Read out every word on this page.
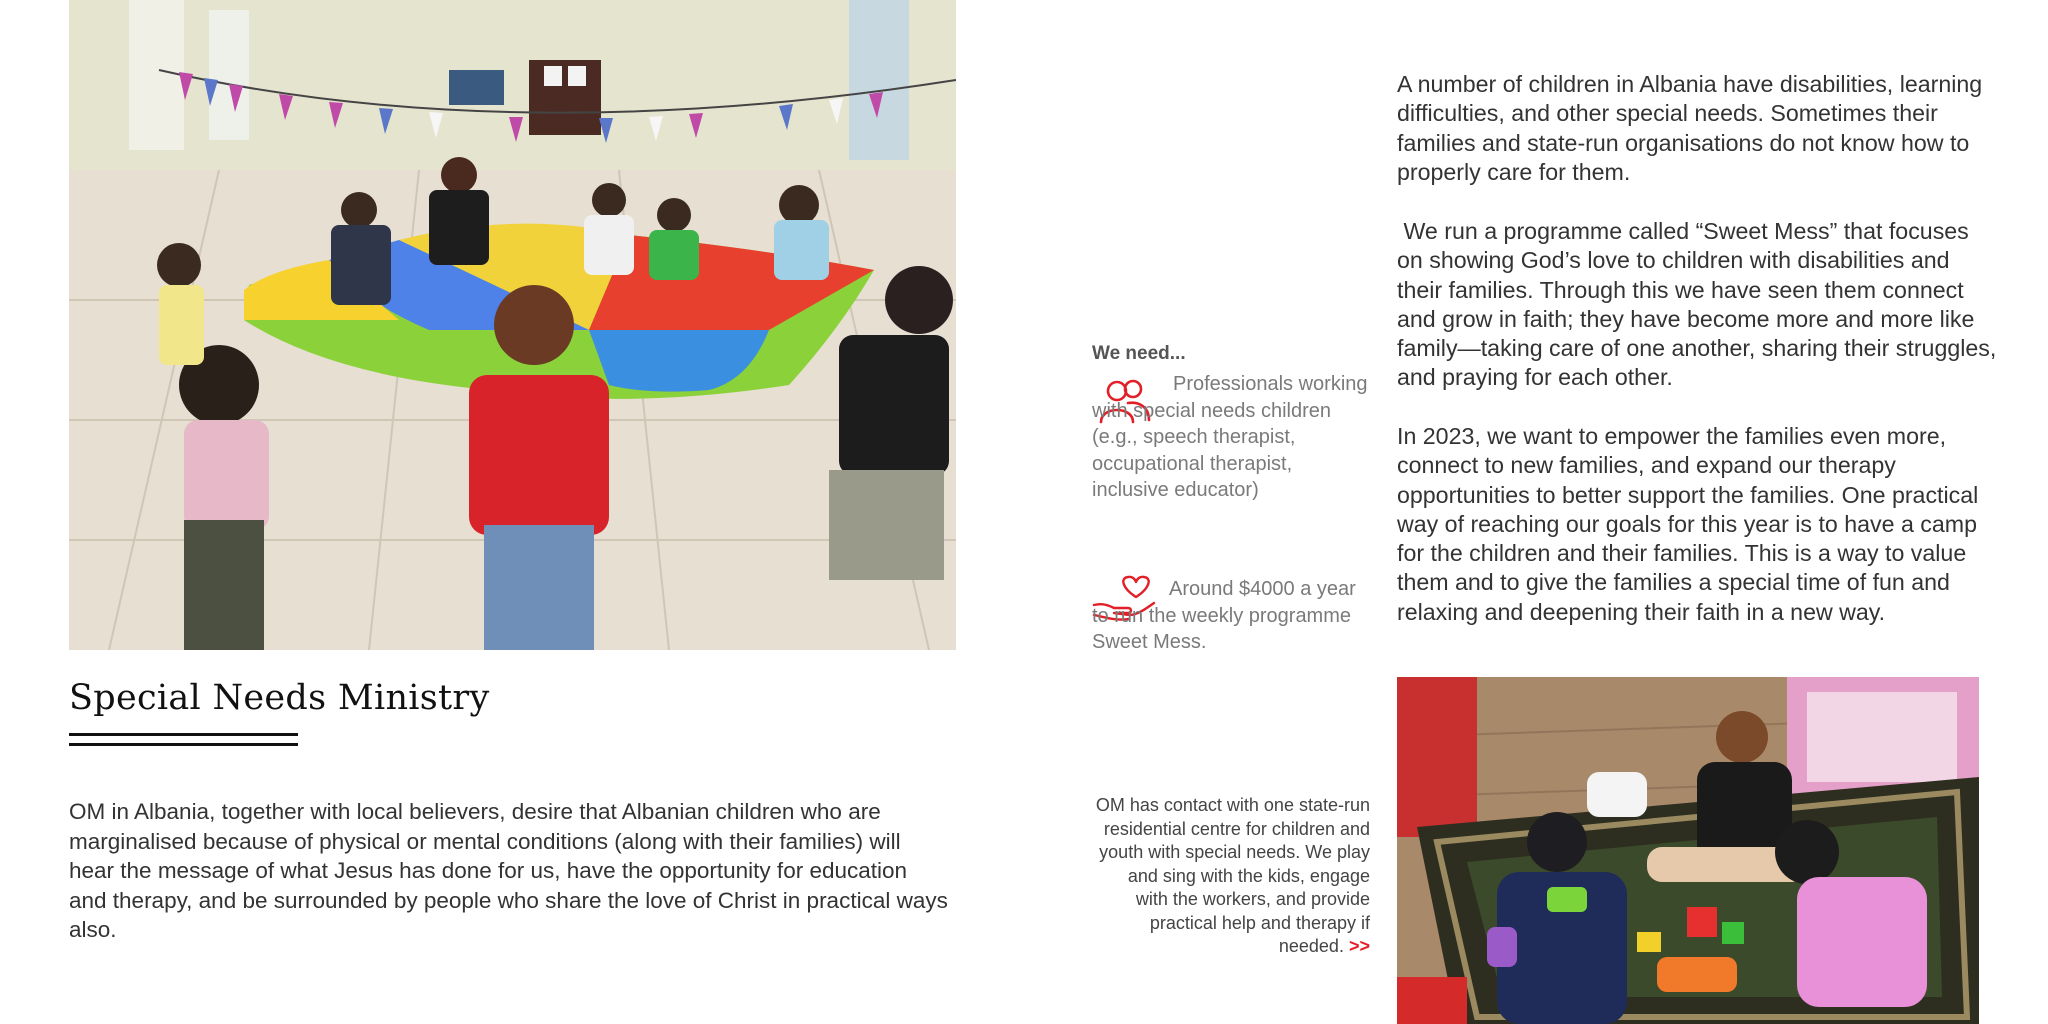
Special Needs Ministry

OM in Albania, together with local believers, desire that Albanian children who are marginalised because of physical or mental conditions (along with their families) will hear the message of what Jesus has done for us, have the opportunity for education and therapy, and be surrounded by people who share the love of Christ in practical ways also.

We need...

Professionals working with special needs children (e.g., speech therapist, occupational therapist, inclusive educator)

Around $4000 a year to run the weekly programme Sweet Mess.

OM has contact with one state-run residential centre for children and youth with special needs. We play and sing with the kids, engage with the workers, and provide practical help and therapy if needed. >>

A number of children in Albania have disabilities, learning difficulties, and other special needs. Sometimes their families and state-run organisations do not know how to properly care for them.

We run a programme called “Sweet Mess” that focuses on showing God’s love to children with disabilities and their families. Through this we have seen them connect and grow in faith; they have become more and more like family—taking care of one another, sharing their struggles, and praying for each other.

In 2023, we want to empower the families even more, connect to new families, and expand our therapy opportunities to better support the families. One practical way of reaching our goals for this year is to have a camp for the children and their families. This is a way to value them and to give the families a special time of fun and relaxing and deepening their faith in a new way.
